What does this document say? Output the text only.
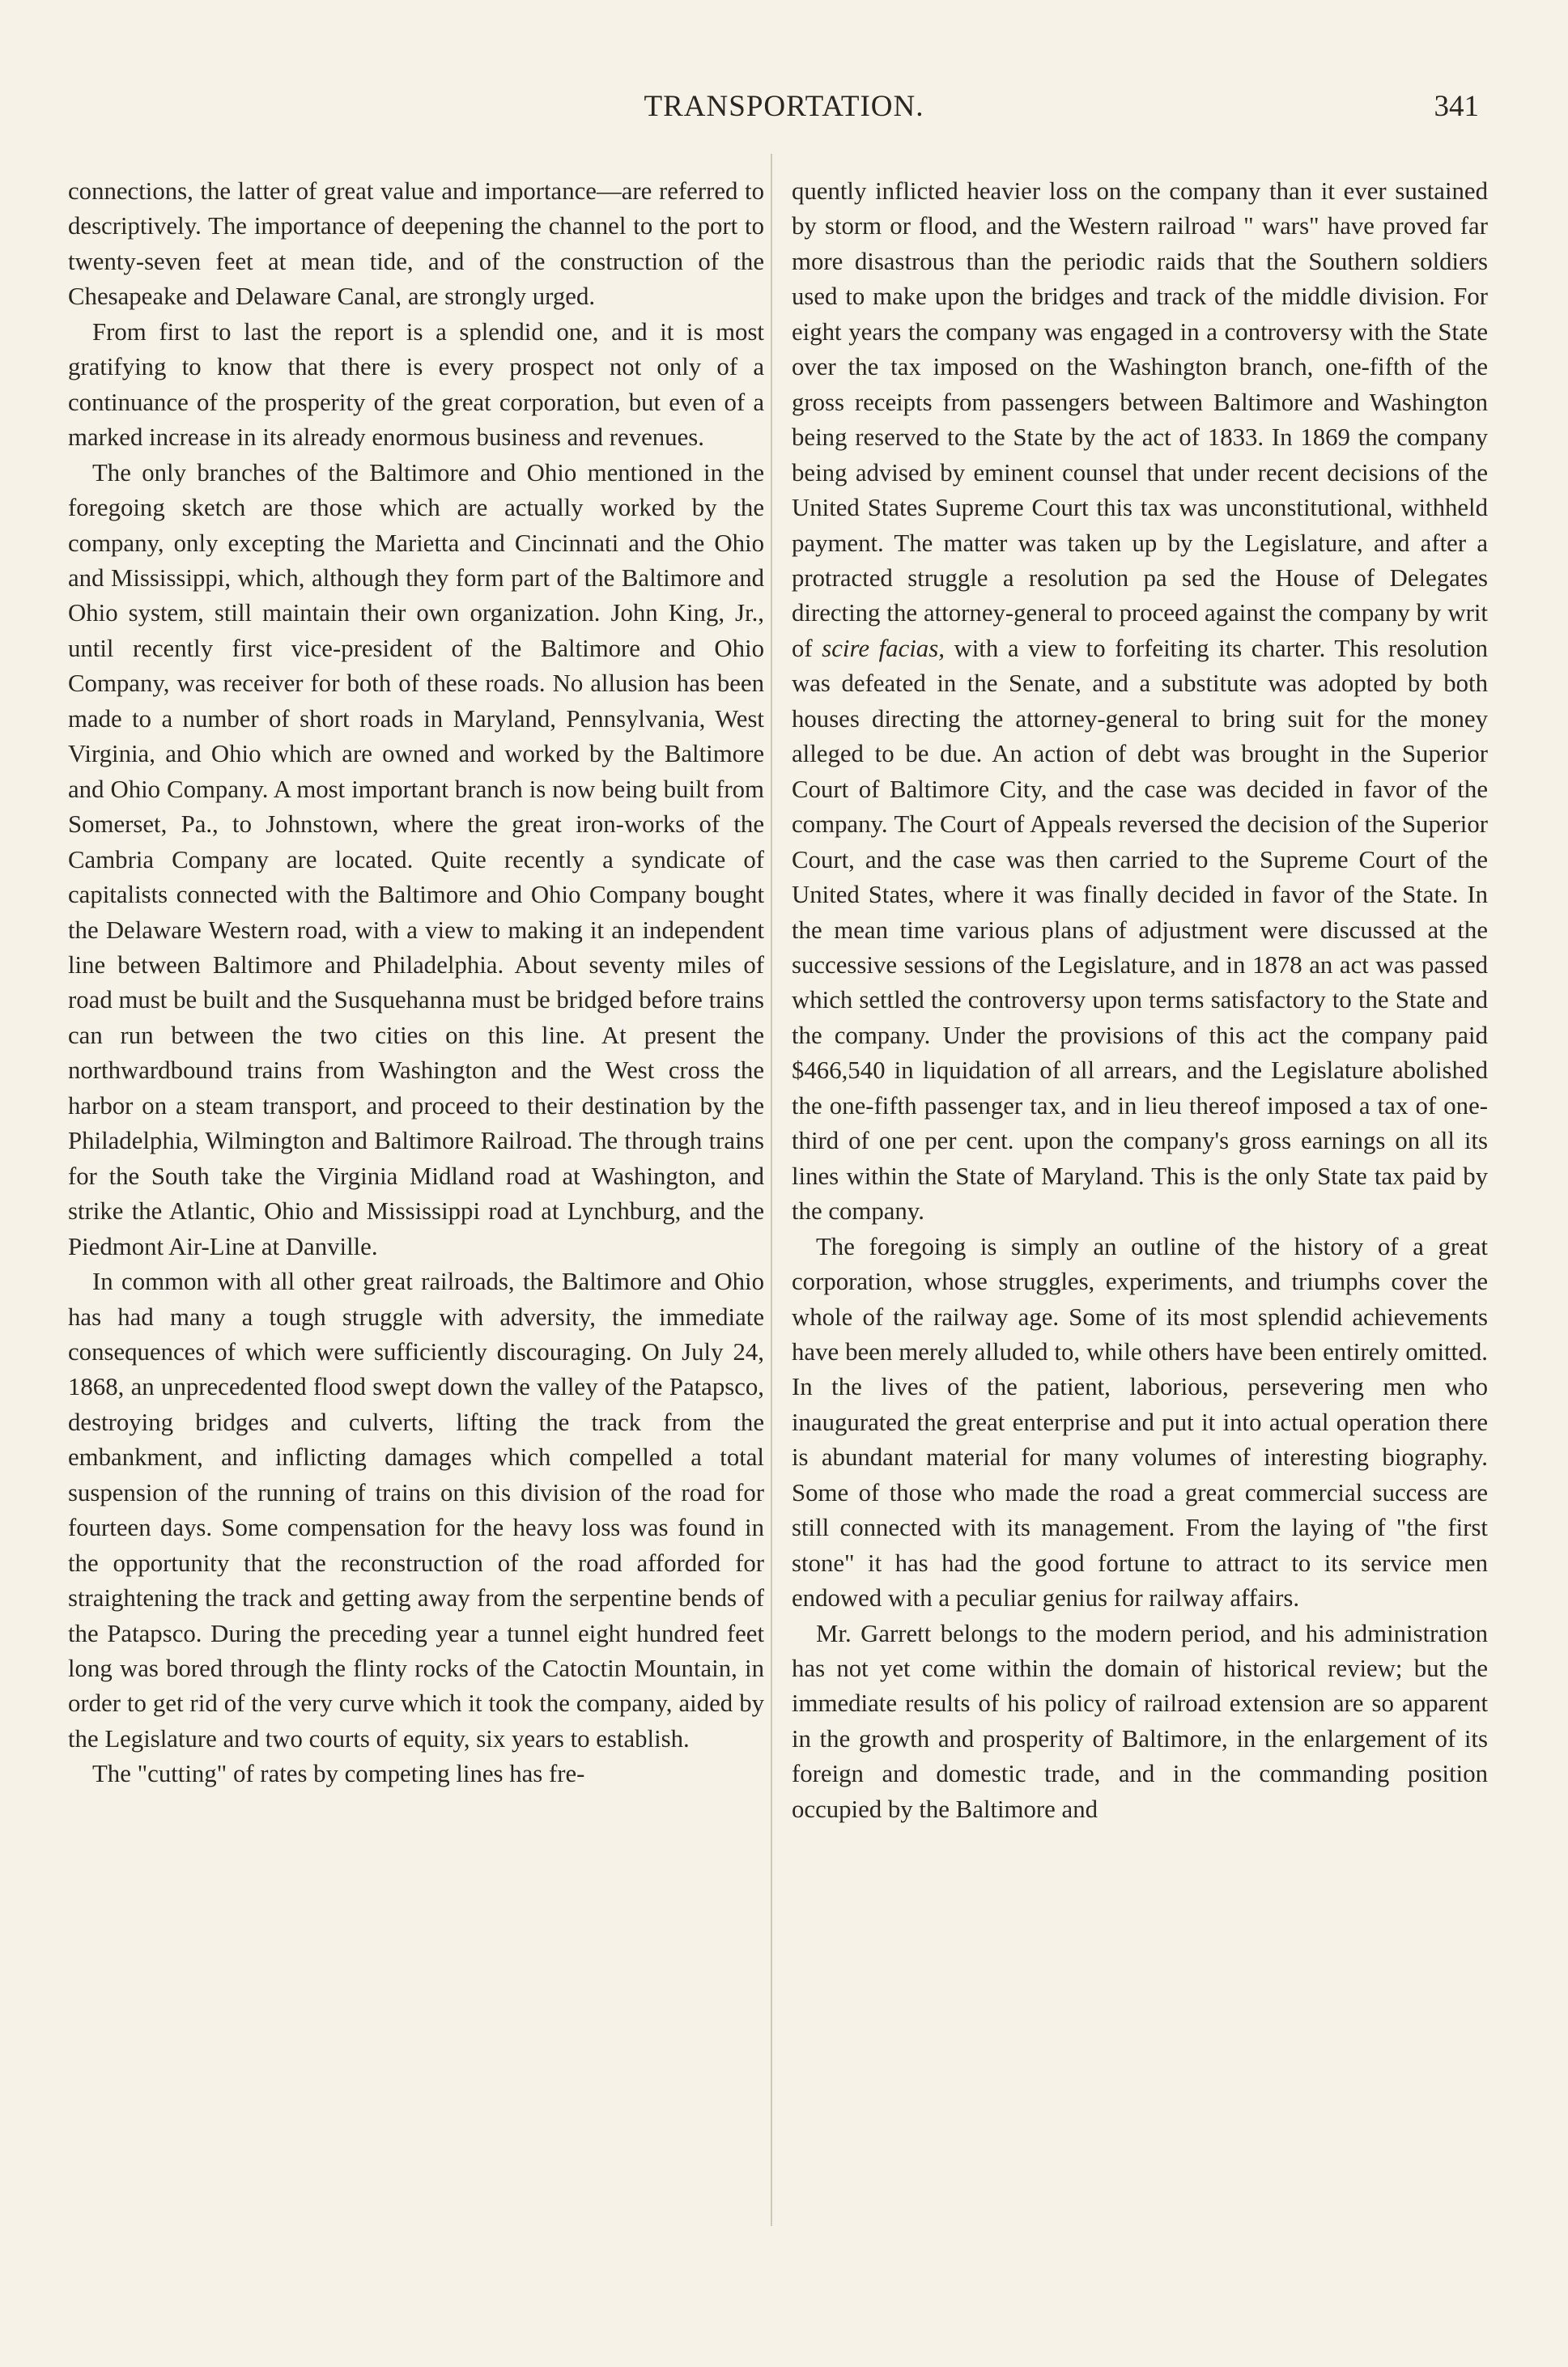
TRANSPORTATION.	341

connections, the latter of great value and importance—are referred to descriptively. The importance of deepening the channel to the port to twenty-seven feet at mean tide, and of the construction of the Chesapeake and Delaware Canal, are strongly urged.

From first to last the report is a splendid one, and it is most gratifying to know that there is every prospect not only of a continuance of the prosperity of the great corporation, but even of a marked increase in its already enormous business and revenues.

The only branches of the Baltimore and Ohio mentioned in the foregoing sketch are those which are actually worked by the company, only excepting the Marietta and Cincinnati and the Ohio and Mississippi, which, although they form part of the Baltimore and Ohio system, still maintain their own organization. John King, Jr., until recently first vice-president of the Baltimore and Ohio Company, was receiver for both of these roads. No allusion has been made to a number of short roads in Maryland, Pennsylvania, West Virginia, and Ohio which are owned and worked by the Baltimore and Ohio Company. A most important branch is now being built from Somerset, Pa., to Johnstown, where the great iron-works of the Cambria Company are located. Quite recently a syndicate of capitalists connected with the Baltimore and Ohio Company bought the Delaware Western road, with a view to making it an independent line between Baltimore and Philadelphia. About seventy miles of road must be built and the Susquehanna must be bridged before trains can run between the two cities on this line. At present the northwardbound trains from Washington and the West cross the harbor on a steam transport, and proceed to their destination by the Philadelphia, Wilmington and Baltimore Railroad. The through trains for the South take the Virginia Midland road at Washington, and strike the Atlantic, Ohio and Mississippi road at Lynchburg, and the Piedmont Air-Line at Danville.

In common with all other great railroads, the Baltimore and Ohio has had many a tough struggle with adversity, the immediate consequences of which were sufficiently discouraging. On July 24, 1868, an unprecedented flood swept down the valley of the Patapsco, destroying bridges and culverts, lifting the track from the embankment, and inflicting damages which compelled a total suspension of the running of trains on this division of the road for fourteen days. Some compensation for the heavy loss was found in the opportunity that the reconstruction of the road afforded for straightening the track and getting away from the serpentine bends of the Patapsco. During the preceding year a tunnel eight hundred feet long was bored through the flinty rocks of the Catoctin Mountain, in order to get rid of the very curve which it took the company, aided by the Legislature and two courts of equity, six years to establish.

The "cutting" of rates by competing lines has fre-

quently inflicted heavier loss on the company than it ever sustained by storm or flood, and the Western railroad " wars" have proved far more disastrous than the periodic raids that the Southern soldiers used to make upon the bridges and track of the middle division. For eight years the company was engaged in a controversy with the State over the tax imposed on the Washington branch, one-fifth of the gross receipts from passengers between Baltimore and Washington being reserved to the State by the act of 1833. In 1869 the company being advised by eminent counsel that under recent decisions of the United States Supreme Court this tax was unconstitutional, withheld payment. The matter was taken up by the Legislature, and after a protracted struggle a resolution pa sed the House of Delegates directing the attorney-general to proceed against the company by writ of scire facias, with a view to forfeiting its charter. This resolution was defeated in the Senate, and a substitute was adopted by both houses directing the attorney-general to bring suit for the money alleged to be due. An action of debt was brought in the Superior Court of Baltimore City, and the case was decided in favor of the company. The Court of Appeals reversed the decision of the Superior Court, and the case was then carried to the Supreme Court of the United States, where it was finally decided in favor of the State. In the mean time various plans of adjustment were discussed at the successive sessions of the Legislature, and in 1878 an act was passed which settled the controversy upon terms satisfactory to the State and the company. Under the provisions of this act the company paid $466,540 in liquidation of all arrears, and the Legislature abolished the one-fifth passenger tax, and in lieu thereof imposed a tax of one-third of one per cent. upon the company's gross earnings on all its lines within the State of Maryland. This is the only State tax paid by the company.

The foregoing is simply an outline of the history of a great corporation, whose struggles, experiments, and triumphs cover the whole of the railway age. Some of its most splendid achievements have been merely alluded to, while others have been entirely omitted. In the lives of the patient, laborious, persevering men who inaugurated the great enterprise and put it into actual operation there is abundant material for many volumes of interesting biography. Some of those who made the road a great commercial success are still connected with its management. From the laying of "the first stone" it has had the good fortune to attract to its service men endowed with a peculiar genius for railway affairs.

Mr. Garrett belongs to the modern period, and his administration has not yet come within the domain of historical review; but the immediate results of his policy of railroad extension are so apparent in the growth and prosperity of Baltimore, in the enlargement of its foreign and domestic trade, and in the commanding position occupied by the Baltimore and
